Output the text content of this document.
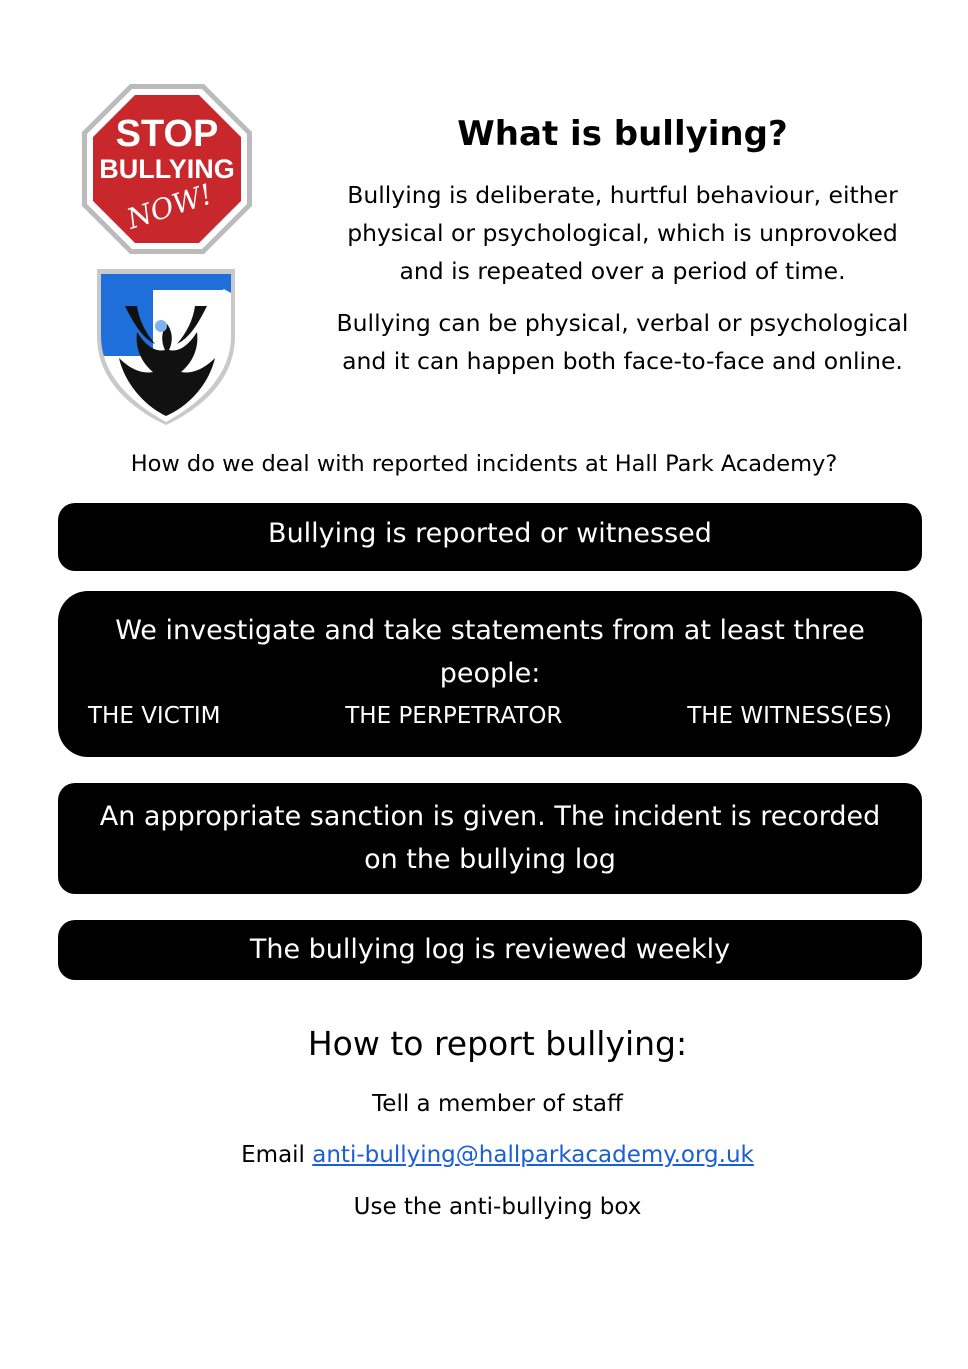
STOP
BULLYING
NOW!
What is bullying?

Bullying is deliberate, hurtful behaviour, either physical or psychological, which is unprovoked and is repeated over a period of time.

Bullying can be physical, verbal or psychological and it can happen both face-to-face and online.

How do we deal with reported incidents at Hall Park Academy?
Bullying is reported or witnessed
We investigate and take statements from at least three people:
THE VICTIM	THE PERPETRATOR	THE WITNESS(ES)
An appropriate sanction is given. The incident is recorded on the bullying log
The bullying log is reviewed weekly
How to report bullying:
Tell a member of staff
Email anti-bullying@hallparkacademy.org.uk
Use the anti-bullying box
